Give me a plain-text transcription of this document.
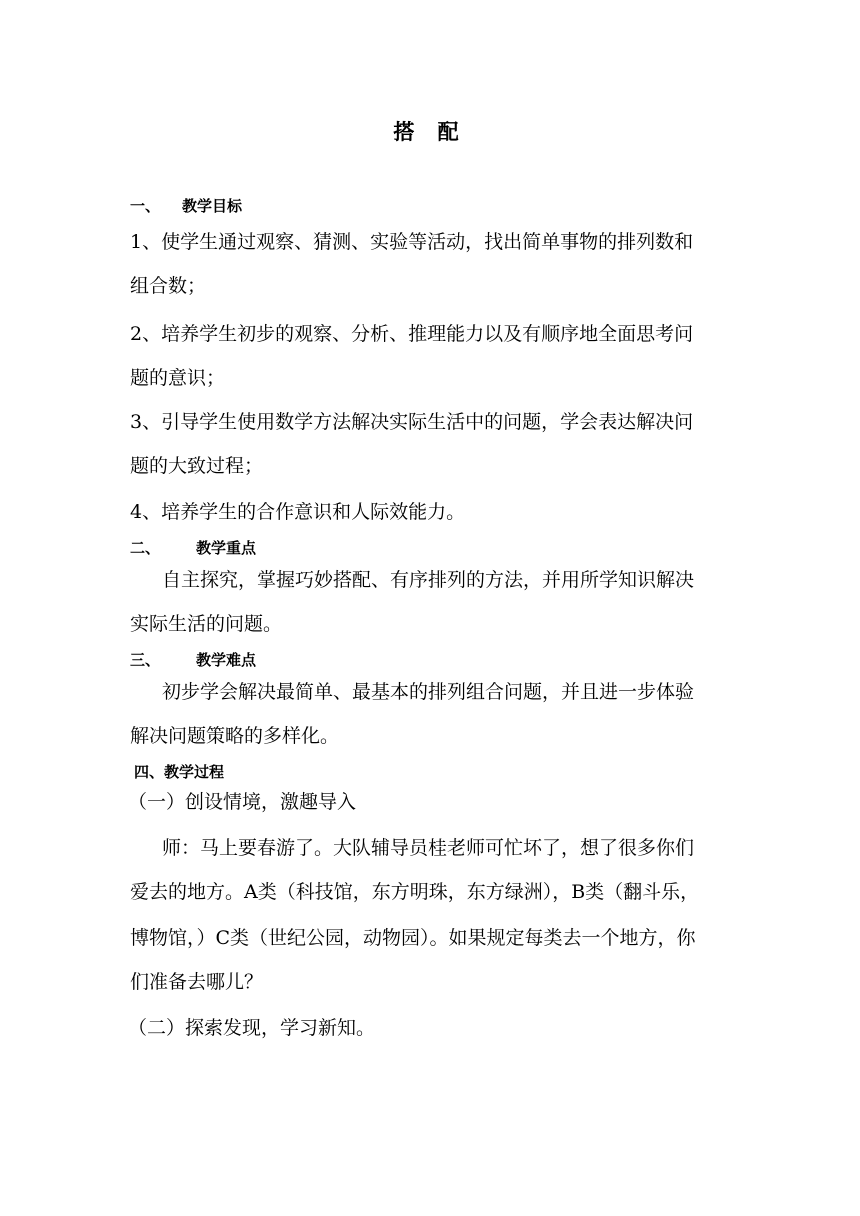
搭 配
一、 教学目标
1、使学生通过观察、猜测、实验等活动，找出简单事物的排列数和
组合数；
2、培养学生初步的观察、分析、推理能力以及有顺序地全面思考问
题的意识；
3、引导学生使用数学方法解决实际生活中的问题，学会表达解决问
题的大致过程；
4、培养学生的合作意识和人际效能力。
二、 教学重点
自主探究，掌握巧妙搭配、有序排列的方法，并用所学知识解决
实际生活的问题。
三、 教学难点
初步学会解决最简单、最基本的排列组合问题，并且进一步体验
解决问题策略的多样化。
四、教学过程
（一）创设情境，激趣导入
师：马上要春游了。大队辅导员桂老师可忙坏了，想了很多你们
爱去的地方。A类（科技馆，东方明珠，东方绿洲），B类（翻斗乐，
博物馆，）C类（世纪公园，动物园）。如果规定每类去一个地方，你
们准备去哪儿？
（二）探索发现，学习新知。
